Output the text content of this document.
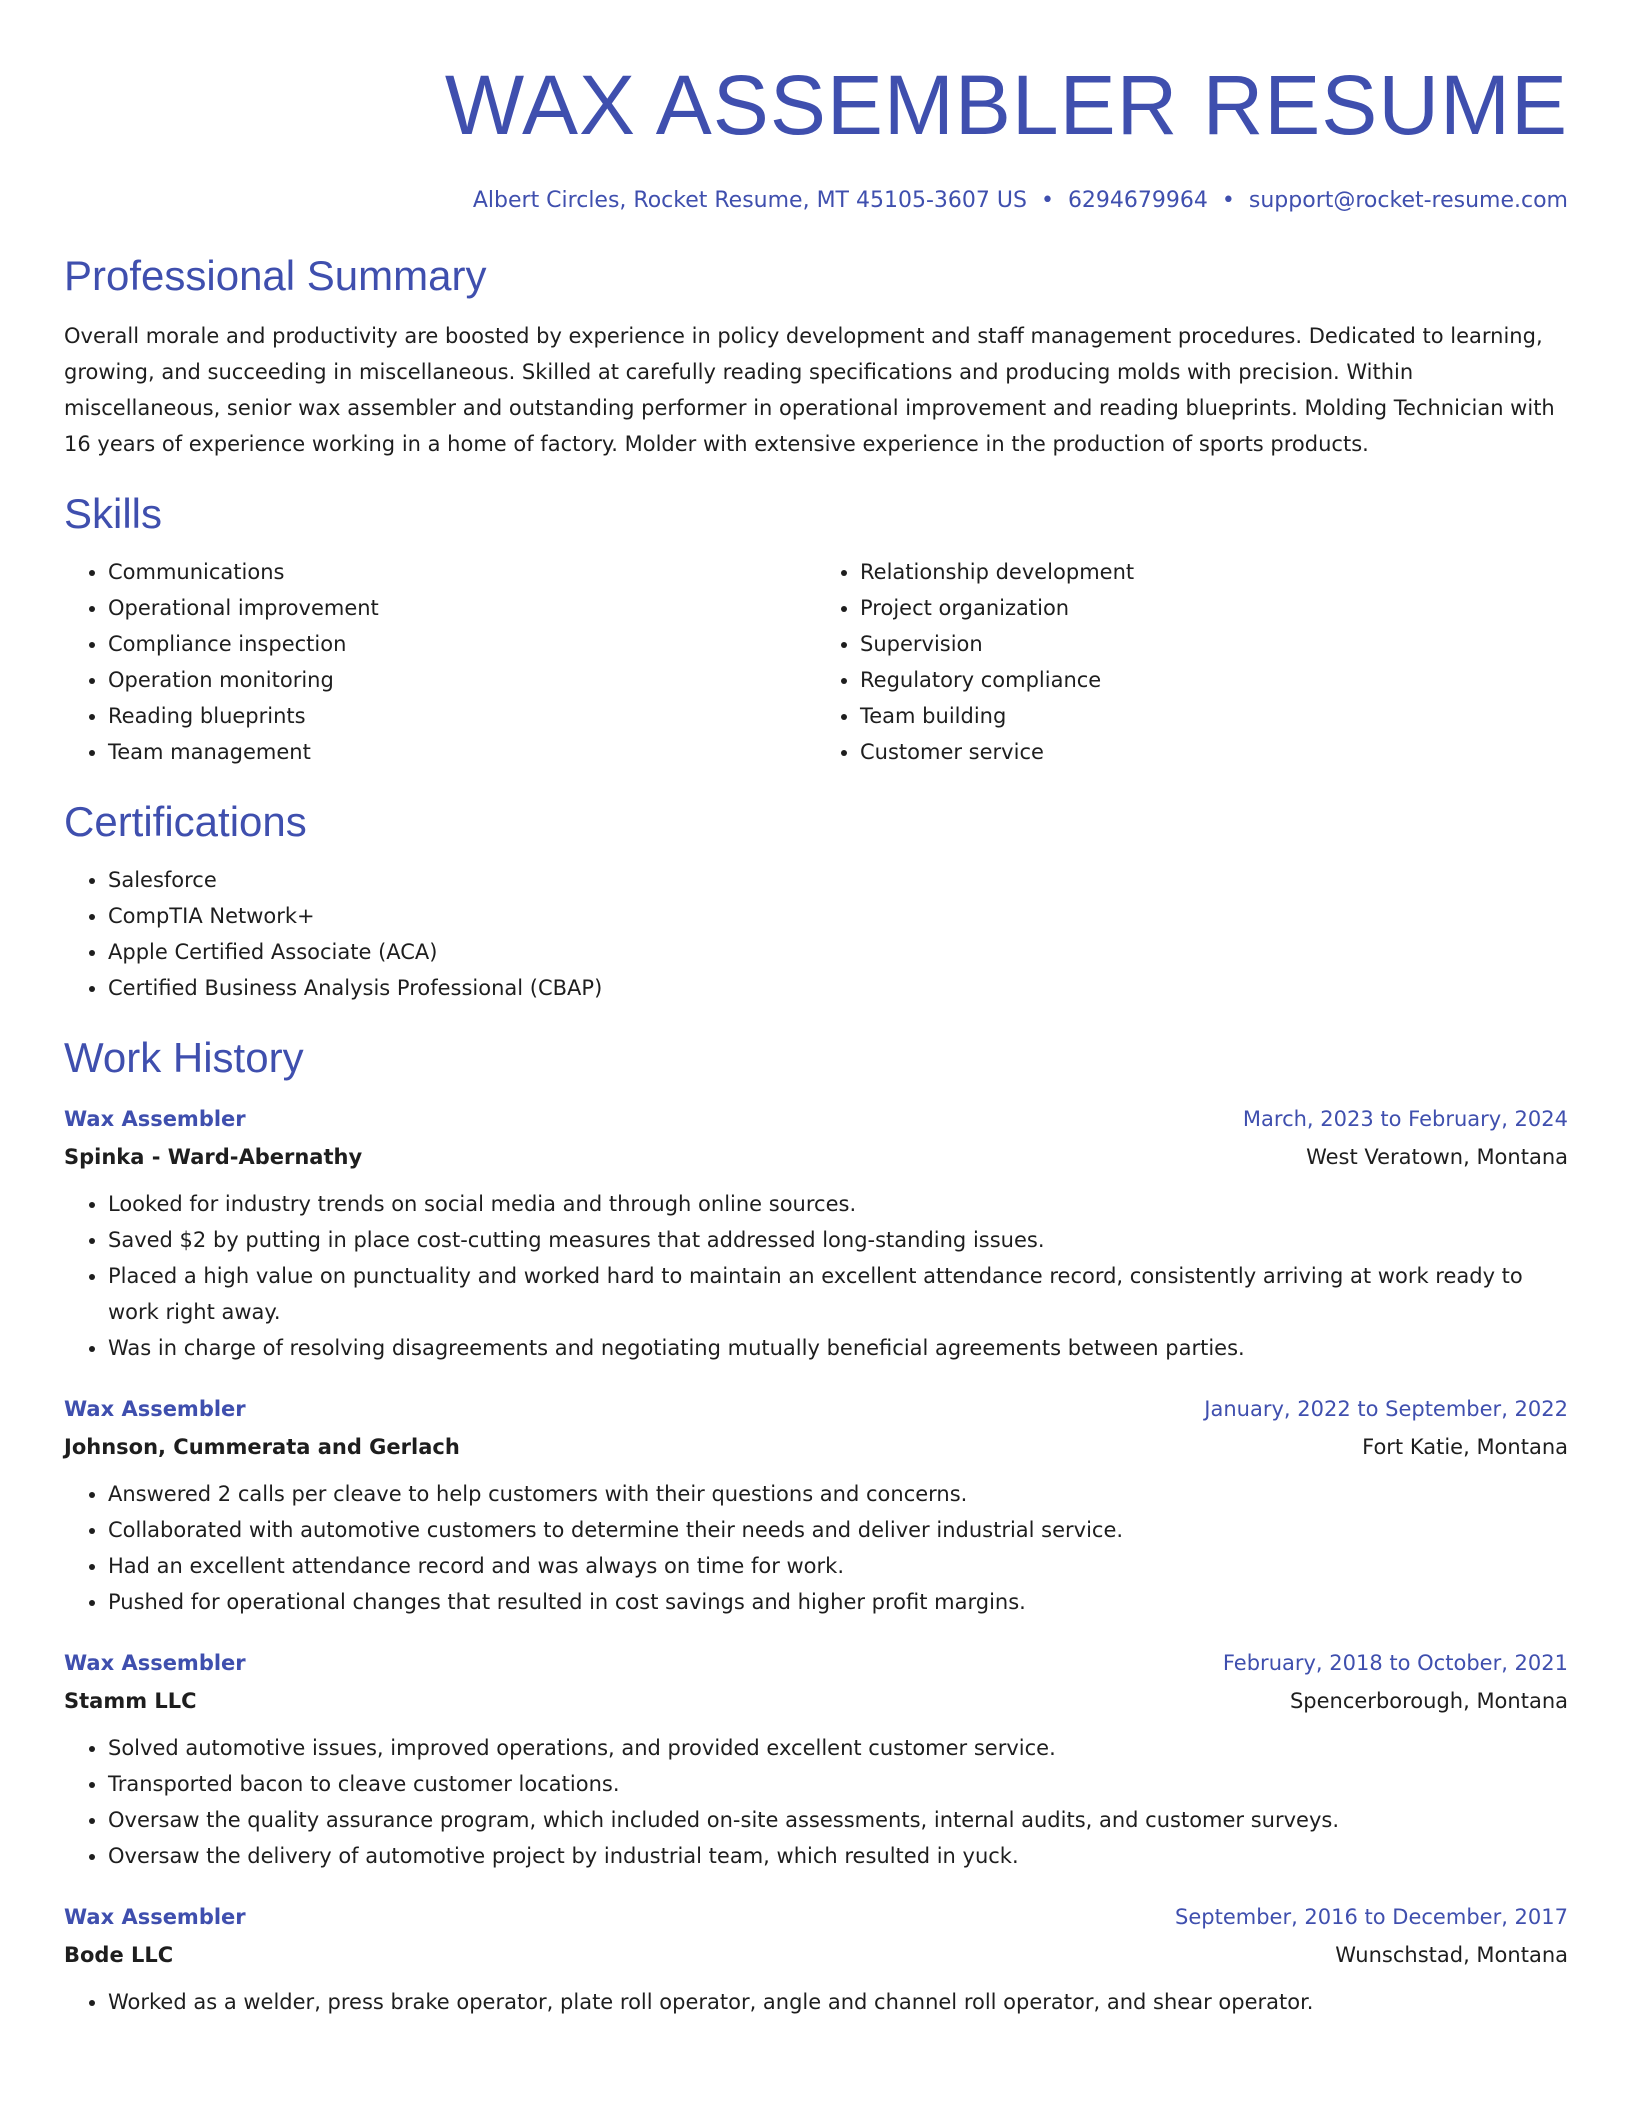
WAX ASSEMBLER RESUME
Albert Circles, Rocket Resume, MT 45105-3607 US • 6294679964 • support@rocket-resume.com
Professional Summary
Overall morale and productivity are boosted by experience in policy development and staff management procedures. Dedicated to learning, growing, and succeeding in miscellaneous. Skilled at carefully reading specifications and producing molds with precision. Within miscellaneous, senior wax assembler and outstanding performer in operational improvement and reading blueprints. Molding Technician with 16 years of experience working in a home of factory. Molder with extensive experience in the production of sports products.
Skills
• Communications
• Operational improvement
• Compliance inspection
• Operation monitoring
• Reading blueprints
• Team management
• Relationship development
• Project organization
• Supervision
• Regulatory compliance
• Team building
• Customer service
Certifications
• Salesforce
• CompTIA Network+
• Apple Certified Associate (ACA)
• Certified Business Analysis Professional (CBAP)
Work History
Wax Assembler	March, 2023 to February, 2024
Spinka - Ward-Abernathy	West Veratown, Montana
• Looked for industry trends on social media and through online sources.
• Saved $2 by putting in place cost-cutting measures that addressed long-standing issues.
• Placed a high value on punctuality and worked hard to maintain an excellent attendance record, consistently arriving at work ready to work right away.
• Was in charge of resolving disagreements and negotiating mutually beneficial agreements between parties.
Wax Assembler	January, 2022 to September, 2022
Johnson, Cummerata and Gerlach	Fort Katie, Montana
• Answered 2 calls per cleave to help customers with their questions and concerns.
• Collaborated with automotive customers to determine their needs and deliver industrial service.
• Had an excellent attendance record and was always on time for work.
• Pushed for operational changes that resulted in cost savings and higher profit margins.
Wax Assembler	February, 2018 to October, 2021
Stamm LLC	Spencerborough, Montana
• Solved automotive issues, improved operations, and provided excellent customer service.
• Transported bacon to cleave customer locations.
• Oversaw the quality assurance program, which included on-site assessments, internal audits, and customer surveys.
• Oversaw the delivery of automotive project by industrial team, which resulted in yuck.
Wax Assembler	September, 2016 to December, 2017
Bode LLC	Wunschstad, Montana
• Worked as a welder, press brake operator, plate roll operator, angle and channel roll operator, and shear operator.
